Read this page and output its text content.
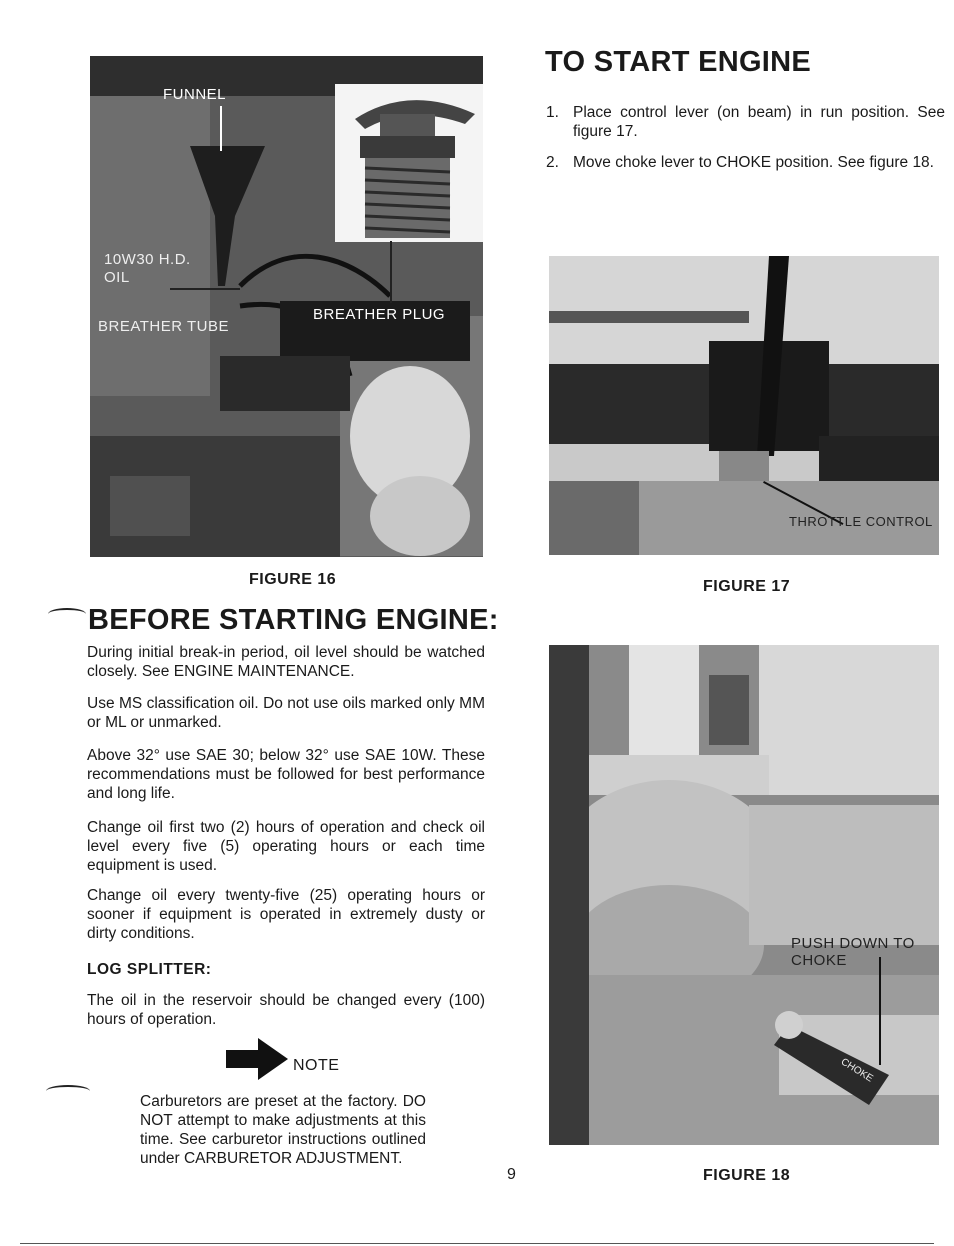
FUNNEL
10W30 H.D.
OIL
BREATHER TUBE
BREATHER PLUG
FIGURE 16
BEFORE STARTING ENGINE:
During initial break-in period, oil level should be watched closely. See ENGINE MAINTENANCE.
Use MS classification oil. Do not use oils marked only MM or ML or unmarked.
Above 32° use SAE 30; below 32° use SAE 10W. These recommendations must be followed for best performance and long life.
Change oil first two (2) hours of operation and check oil level every five (5) operating hours or each time equipment is used.
Change oil every twenty-five (25) operating hours or sooner if equipment is operated in extremely dusty or dirty conditions.
LOG SPLITTER:
The oil in the reservoir should be changed every (100) hours of operation.
NOTE
Carburetors are preset at the factory. DO NOT attempt to make adjustments at this time. See carburetor instructions outlined under CARBURETOR ADJUSTMENT.
9
TO START ENGINE
1. Place control lever (on beam) in run position. See figure 17.
2. Move choke lever to CHOKE position. See figure 18.
THROTTLE CONTROL
FIGURE 17
PUSH DOWN TO
CHOKE
CHOKE
FIGURE 18
